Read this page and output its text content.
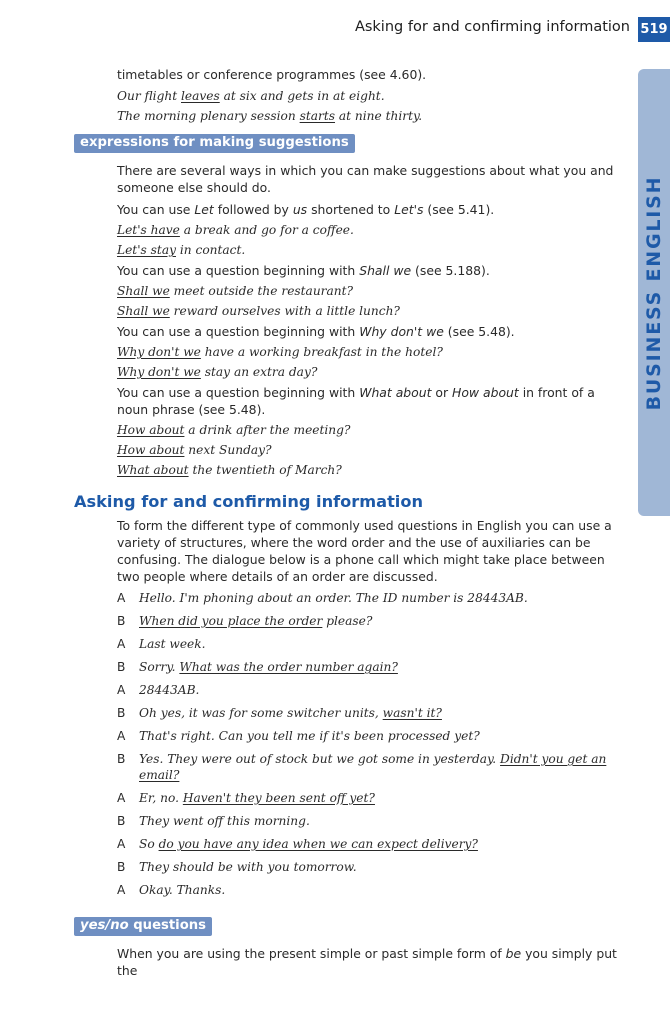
Asking for and confirming information 519
BUSINESS ENGLISH

timetables or conference programmes (see 4.60).

Our flight leaves at six and gets in at eight.
The morning plenary session starts at nine thirty.
expressions for making suggestions

There are several ways in which you can make suggestions about what you and someone else should do.

You can use Let followed by us shortened to Let's (see 5.41).

Let's have a break and go for a coffee.
Let's stay in contact.

You can use a question beginning with Shall we (see 5.188).

Shall we meet outside the restaurant?
Shall we reward ourselves with a little lunch?

You can use a question beginning with Why don't we (see 5.48).

Why don't we have a working breakfast in the hotel?
Why don't we stay an extra day?

You can use a question beginning with What about or How about in front of a noun phrase (see 5.48).

How about a drink after the meeting?
How about next Sunday?
What about the twentieth of March?
Asking for and confirming information

To form the different type of commonly used questions in English you can use a variety of structures, where the word order and the use of auxiliaries can be confusing. The dialogue below is a phone call which might take place between two people where details of an order are discussed.

A	Hello. I'm phoning about an order. The ID number is 28443AB.
B	When did you place the order please?
A	Last week.
B	Sorry. What was the order number again?
A	28443AB.
B	Oh yes, it was for some switcher units, wasn't it?
A	That's right. Can you tell me if it's been processed yet?
B	Yes. They were out of stock but we got some in yesterday. Didn't you get an email?
A	Er, no. Haven't they been sent off yet?
B	They went off this morning.
A	So do you have any idea when we can expect delivery?
B	They should be with you tomorrow.
A	Okay. Thanks.
yes/no questions

When you are using the present simple or past simple form of be you simply put the
